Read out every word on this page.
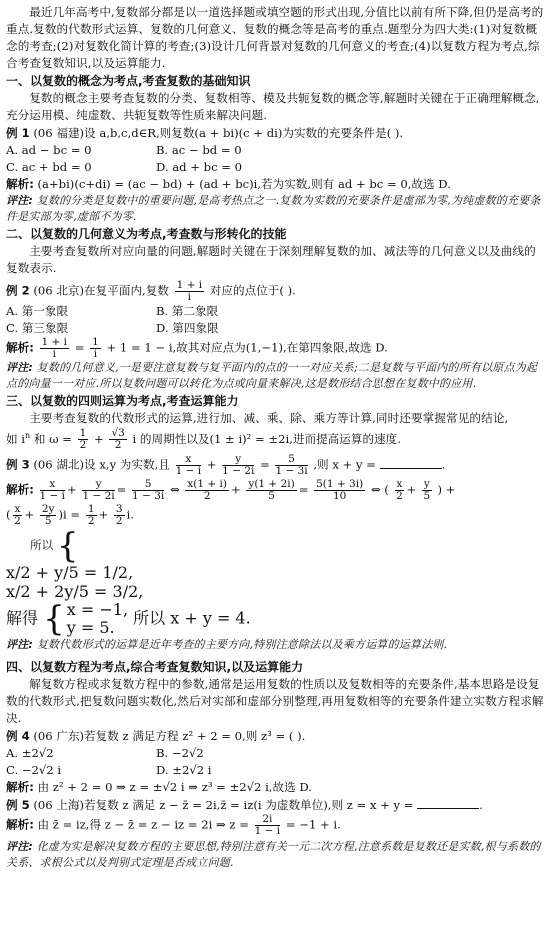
最近几年高考中,复数部分都是以一道选择题或填空题的形式出现,分值比以前有所下降,但仍是高考的重点.复数的代数形式运算、复数的几何意义、复数的概念等是高考的重点.题型分为四大类:(1)对复数概念的考查;(2)对复数化简计算的考查;(3)设计几何背景对复数的几何意义的考查;(4)以复数方程为考点,综合考查复数知识,以及运算能力.

一、以复数的概念为考点,考查复数的基础知识

复数的概念主要考查复数的分类、复数相等、模及共轭复数的概念等,解题时关键在于正确理解概念,充分运用模、纯虚数、共轭复数等性质来解决问题.

例 1 (06 福建)设 a,b,c,d∈R,则复数(a + bi)(c + di)为实数的充要条件是( ).

A. ad − bc = 0	B. ac − bd = 0
C. ac + bd = 0	D. ad + bc = 0

解析: (a+bi)(c+di) = (ac − bd) + (ad + bc)i,若为实数,则有 ad + bc = 0,故选 D.

评注: 复数的分类是复数中的重要问题,是高考热点之一.复数为实数的充要条件是虚部为零,为纯虚数的充要条件是实部为零,虚部不为零.

二、以复数的几何意义为考点,考查数与形转化的技能

主要考查复数所对应向量的问题,解题时关键在于深刻理解复数的加、减法等的几何意义以及曲线的复数表示.

例 2 (06 北京)在复平面内,复数 $\frac{1 + i}{i}$ 对应的点位于( ).

A. 第一象限	B. 第二象限
C. 第三象限	D. 第四象限

解析: $\frac{1 + i}{i} = \frac{1}{i} + 1 = 1 - i$,故其对应点为(1,−1),在第四象限,故选 D.

评注: 复数的几何意义,一是要注意复数与复平面内的点的一一对应关系;二是复数与平面内的所有以原点为起点的向量一一对应.所以复数问题可以转化为点或向量来解决,这是数形结合思想在复数中的应用.

三、以复数的四则运算为考点,考查运算能力

主要考查复数的代数形式的运算,进行加、减、乘、除、乘方等计算,同时还要掌握常见的结论,

如 $i^n$ 和 $\omega = \frac{1}{2} + \frac{√3}{2}$ i 的周期性以及(1 ± i)² = ±2i,进而提高运算的速度.

例 3 (06 湖北)设 x,y 为实数,且 $\frac{x}{1 - i} + \frac{y}{1 - 2i} = \frac{5}{1 - 3i}$ ,则 x + y =	.

解析: $\frac{x}{1 - i} + \frac{y}{1 - 2i} = \frac{5}{1 - 3i}$ ⇔ $\frac{x(1 + i)}{2} + \frac{y(1 + 2i)}{5} = \frac{5(1 + 3i)}{10}$ ⇔ ( $\frac{x}{2} + \frac{y}{5}$ ) +

( $\frac{x}{2} + \frac{2y}{5} )i = \frac{1}{2} + \frac{3}{2} i$.

所以 {

x/2 + y/5 = 1/2,
x/2 + 2y/5 = 3/2,
解得 { x = −1,
y = 5.	所以 x + y = 4.

评注: 复数代数形式的运算是近年考查的主要方向,特别注意除法以及乘方运算的运算法则.

四、以复数方程为考点,综合考查复数知识,以及运算能力

解复数方程或求复数方程中的参数,通常是运用复数的性质以及复数相等的充要条件,基本思路是设复数的代数形式,把复数问题实数化,然后对实部和虚部分别整理,再用复数相等的充要条件建立实数方程求解决.

例 4 (06 广东)若复数 z 满足方程 z² + 2 = 0,则 z³ = ( ).

A. ±2√2	B. −2√2
C. −2√2 i	D. ±2√2 i

解析: 由 z² + 2 = 0 ⇒ z = ±√2 i ⇒ z³ = ±2√2 i,故选 D.

例 5 (06 上海)若复数 z 满足 z − z̄ = 2i,z̄ = iz(i 为虚数单位),则 z = x + y =	.

解析: 由 z̄ = iz,得 z − z̄ = z − iz = 2i ⇒ $z = \frac{2i}{1 - i} = -1 + i$.

评注: 化虚为实是解决复数方程的主要思想,特别注意有关一元二次方程,注意系数是复数还是实数,根与系数的关系、求根公式以及判别式定理是否成立问题.
